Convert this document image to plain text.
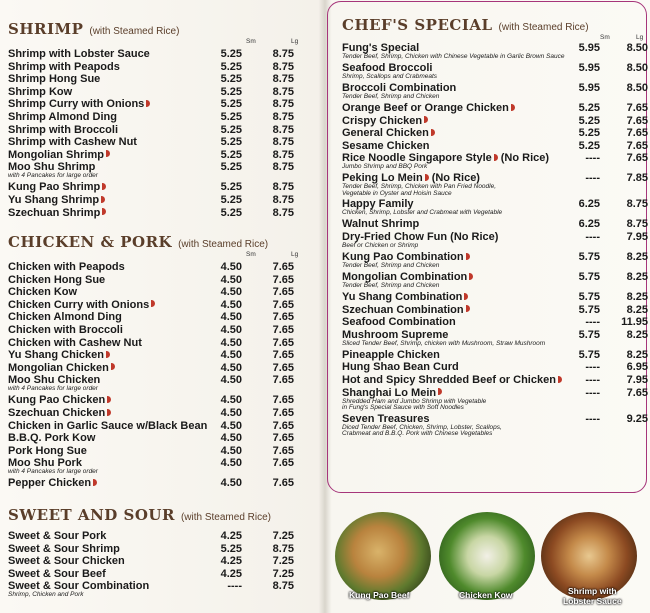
SHRIMP (with Steamed Rice)
Sm	Lg
Shrimp with Lobster Sauce	5.25	8.75
Shrimp with Peapods	5.25	8.75
Shrimp Hong Sue	5.25	8.75
Shrimp Kow	5.25	8.75
Shrimp Curry with Onions	5.25	8.75
Shrimp Almond Ding	5.25	8.75
Shrimp with Broccoli	5.25	8.75
Shrimp with Cashew Nut	5.25	8.75
Mongolian Shrimp	5.25	8.75
Moo Shu Shrimp	5.25	8.75
with 4 Pancakes for large order
Kung Pao Shrimp	5.25	8.75
Yu Shang Shrimp	5.25	8.75
Szechuan Shrimp	5.25	8.75
CHICKEN & PORK (with Steamed Rice)
Sm	Lg
Chicken with Peapods	4.50	7.65
Chicken Hong Sue	4.50	7.65
Chicken Kow	4.50	7.65
Chicken Curry with Onions	4.50	7.65
Chicken Almond Ding	4.50	7.65
Chicken with Broccoli	4.50	7.65
Chicken with Cashew Nut	4.50	7.65
Yu Shang Chicken	4.50	7.65
Mongolian Chicken	4.50	7.65
Moo Shu Chicken	4.50	7.65
with 4 Pancakes for large order
Kung Pao Chicken	4.50	7.65
Szechuan Chicken	4.50	7.65
Chicken in Garlic Sauce w/Black Bean	4.50	7.65
B.B.Q. Pork Kow	4.50	7.65
Pork Hong Sue	4.50	7.65
Moo Shu Pork	4.50	7.65
with 4 Pancakes for large order
Pepper Chicken	4.50	7.65
SWEET AND SOUR (with Steamed Rice)
Sweet & Sour Pork	4.25	7.25
Sweet & Sour Shrimp	5.25	8.75
Sweet & Sour Chicken	4.25	7.25
Sweet & Sour Beef	4.25	7.25
Sweet & Sour Combination	----	8.75
Shrimp, Chicken and Pork
CHEF'S SPECIAL (with Steamed Rice)
Sm	Lg
Fung's Special	5.95	8.50
Tender Beef, Shrimp, Chicken with Chinese Vegetable in Garlic Brown Sauce
Seafood Broccoli	5.95	8.50
Shrimp, Scallops and Crabmeats
Broccoli Combination	5.95	8.50
Tender Beef, Shrimp and Chicken
Orange Beef or Orange Chicken	5.25	7.65
Crispy Chicken	5.25	7.65
General Chicken	5.25	7.65
Sesame Chicken	5.25	7.65
Rice Noodle Singapore Style (No Rice)	----	7.65
Jumbo Shrimp and BBQ Pork
Peking Lo Mein (No Rice)	----	7.85
Tender Beef, Shrimp, Chicken with Pan Fried Noodle,
Vegetable in Oyster and Hoisin Sauce
Happy Family	6.25	8.75
Chicken, Shrimp, Lobster and Crabmeat with Vegetable
Walnut Shrimp	6.25	8.75
Dry-Fried Chow Fun (No Rice)	----	7.95
Beef or Chicken or Shrimp
Kung Pao Combination	5.75	8.25
Tender Beef, Shrimp and Chicken
Mongolian Combination	5.75	8.25
Tender Beef, Shrimp and Chicken
Yu Shang Combination	5.75	8.25
Szechuan Combination	5.75	8.25
Seafood Combination	----	11.95
Mushroom Supreme	5.75	8.25
Sliced Tender Beef, Shrimp, chicken with Mushroom, Straw Mushroom
Pineapple Chicken	5.75	8.25
Hung Shao Bean Curd	----	6.95
Hot and Spicy Shredded Beef or Chicken	----	7.95
Shanghai Lo Mein	----	7.65
Shredded Ham and Jumbo Shrimp with Vegetable
in Fung's Special Sauce with Soft Noodles
Seven Treasures	----	9.25
Diced Tender Beef, Chicken, Shrimp, Lobster, Scallops,
Crabmeat and B.B.Q. Pork with Chinese Vegetables
Kung Pao Beef	Chicken Kow	Shrimp with
Lobster Sauce
